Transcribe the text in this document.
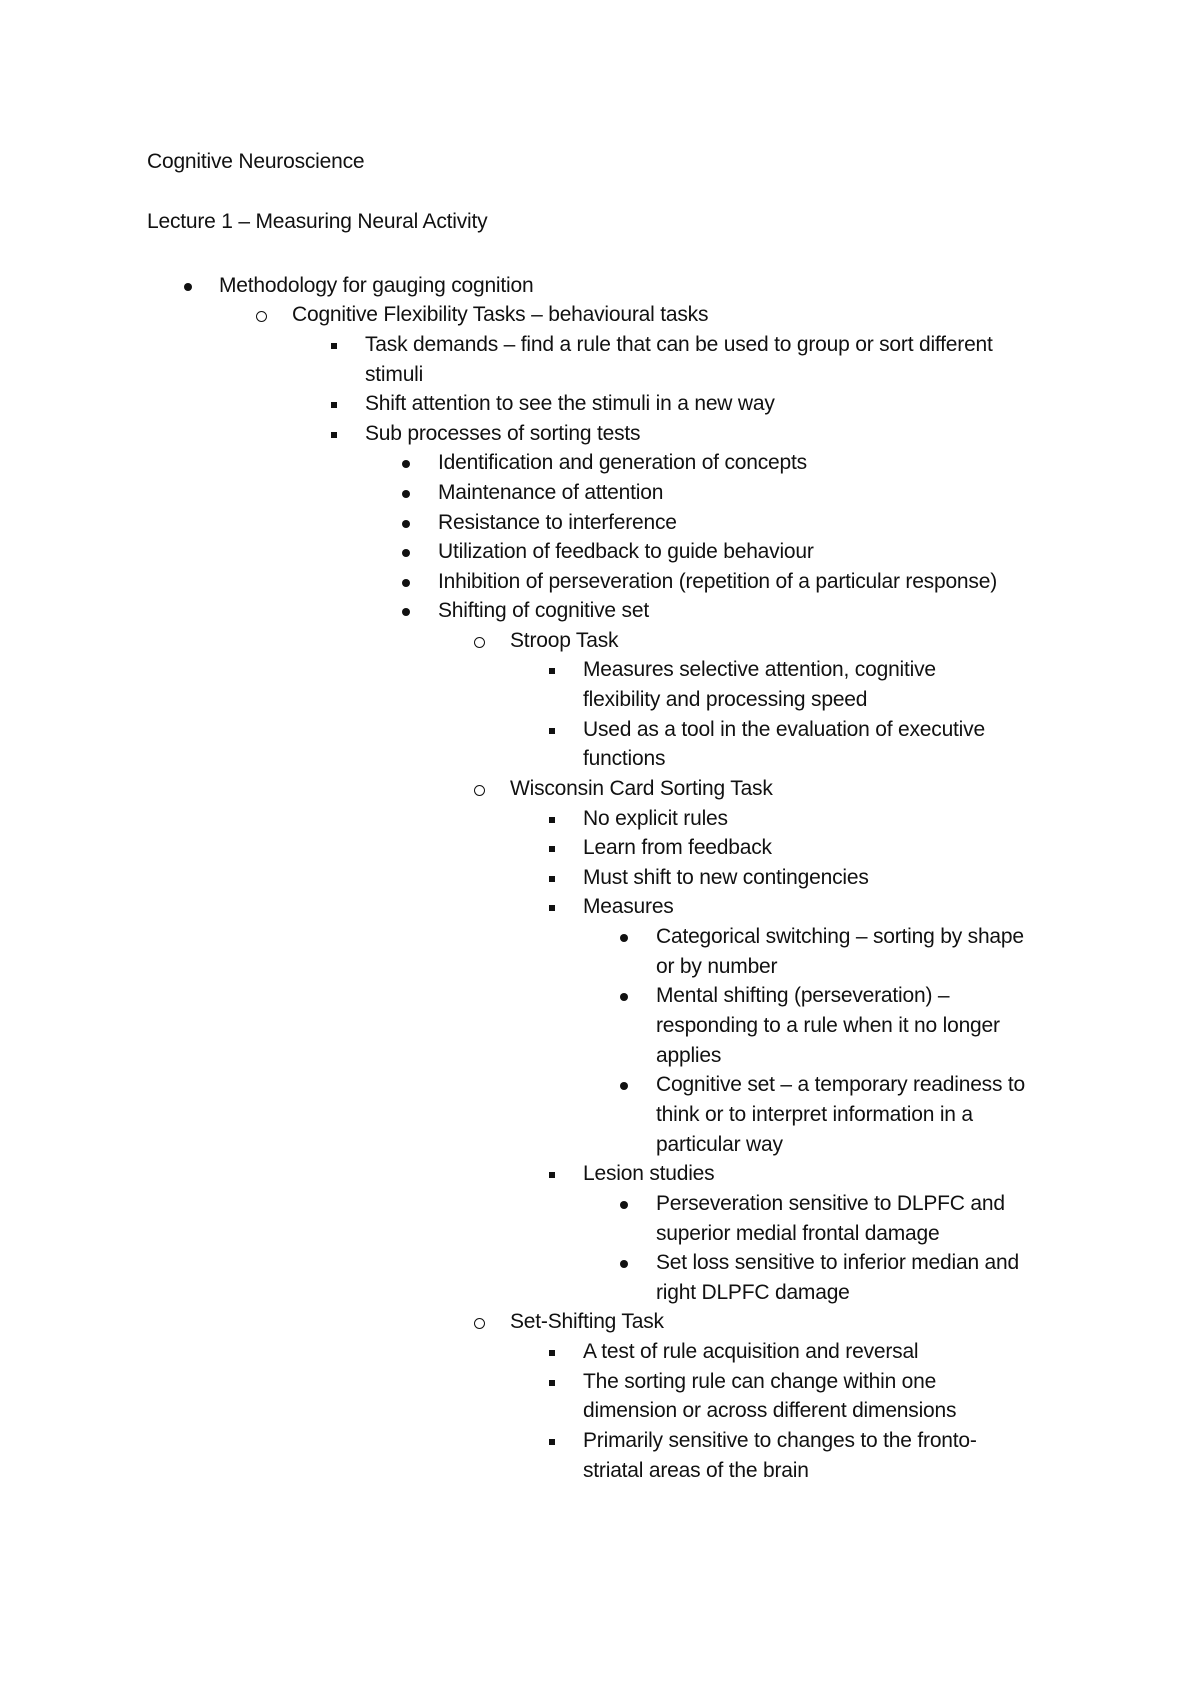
Cognitive Neuroscience
Lecture 1 – Measuring Neural Activity
Methodology for gauging cognition
Cognitive Flexibility Tasks – behavioural tasks
Task demands – find a rule that can be used to group or sort different
stimuli
Shift attention to see the stimuli in a new way
Sub processes of sorting tests
Identification and generation of concepts
Maintenance of attention
Resistance to interference
Utilization of feedback to guide behaviour
Inhibition of perseveration (repetition of a particular response)
Shifting of cognitive set
Stroop Task
Measures selective attention, cognitive
flexibility and processing speed
Used as a tool in the evaluation of executive
functions
Wisconsin Card Sorting Task
No explicit rules
Learn from feedback
Must shift to new contingencies
Measures
Categorical switching – sorting by shape
or by number
Mental shifting (perseveration) –
responding to a rule when it no longer
applies
Cognitive set – a temporary readiness to
think or to interpret information in a
particular way
Lesion studies
Perseveration sensitive to DLPFC and
superior medial frontal damage
Set loss sensitive to inferior median and
right DLPFC damage
Set-Shifting Task
A test of rule acquisition and reversal
The sorting rule can change within one
dimension or across different dimensions
Primarily sensitive to changes to the fronto-
striatal areas of the brain
